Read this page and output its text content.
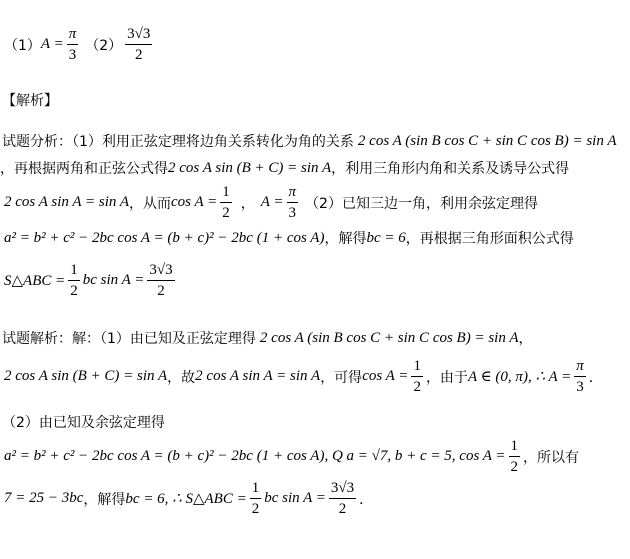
（1） $A = \frac{\pi}{3} (2) \frac{3√3}{2}$
【解析】
试题分析：（1）利用正弦定理将边角关系转化为角的关系 2 cos A (sin B cos C + sin C cos B) = sin A
，再根据两角和正弦公式得 2 cos A sin (B + C) = sin A ，利用三角形内角和关系及诱导公式得
2 cos A sin A = sin A ，从而 $\cos A = \frac{1}{2}$ ， $A = \frac{\pi}{3} (2)$已知三边一角，利用余弦定理得
a² = b² + c² − 2bc cos A = (b + c)² − 2bc (1 + cos A) ，解得 bc = 6 ，再根据三角形面积公式得
S△ABC = $\frac{1}{2}$ bc $\sin A = \frac{3√3}{2}$
试题解析：解：（1）由已知及正弦定理得 2 cos A (sin B cos C + sin C cos B) = sin A ，
2 cos A sin (B + C) = sin A ，故 2 cos A sin A = sin A ，可得 $\cos A = \frac{1}{2}$ ，由于 A ∈ (0, π), ∴ $A = \frac{\pi}{3}$ ．
（2）由已知及余弦定理得
a² = b² + c² − 2bc cos A = (b + c)² − 2bc (1 + cos A), Q a = √7, b + c = 5, $\cos A = \frac{1}{2}$ ，所以有
7 = 25 − 3bc ，解得 bc = 6, ∴ S△ABC = $\frac{1}{2}$ bc $\sin A = \frac{3√3}{2}$ ．
